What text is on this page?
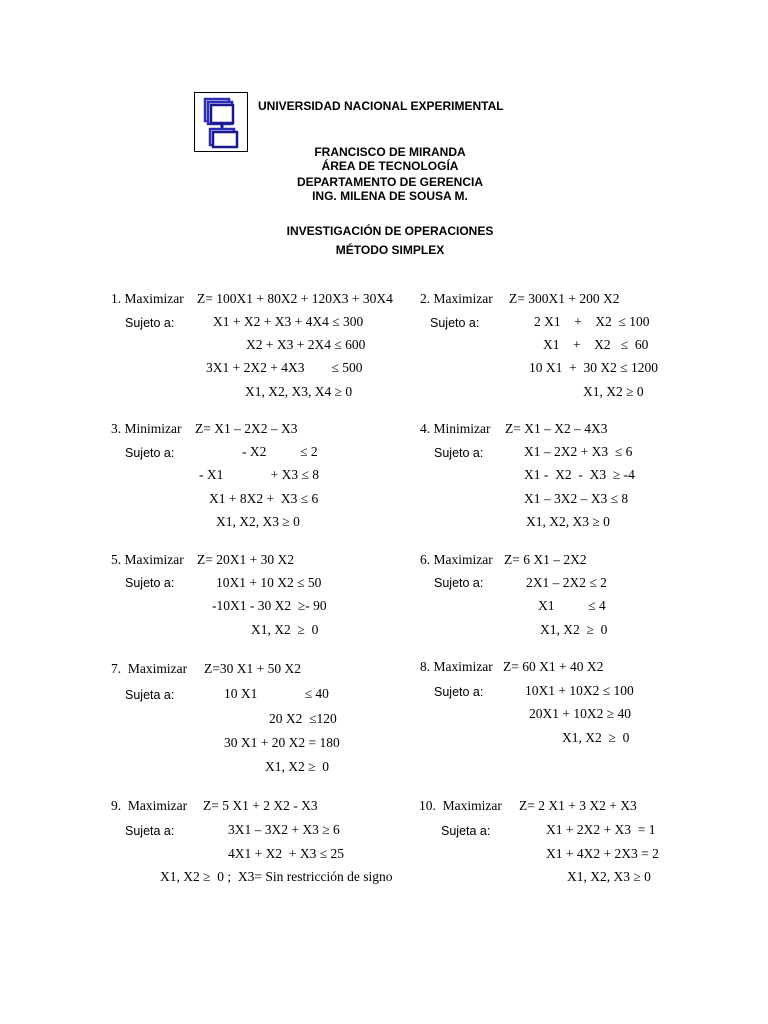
UNIVERSIDAD NACIONAL EXPERIMENTAL
FRANCISCO DE MIRANDA
ÁREA DE TECNOLOGÍA
DEPARTAMENTO DE GERENCIA
ING. MILENA DE SOUSA M.
INVESTIGACIÓN DE OPERACIONES
MÉTODO SIMPLEX
1. Maximizar Z= 100X1 + 80X2 + 120X3 + 30X4
Sujeto a:	X1 + X2 + X3 + 4X4 ≤ 300
X2 + X3 + 2X4 ≤ 600
3X1 + 2X2 + 4X3        ≤ 500
X1, X2, X3, X4 ≥ 0
2. Maximizar Z= 300X1 + 200 X2
Sujeto a:	2 X1    +    X2  ≤ 100
X1    +    X2   ≤  60
10 X1  +  30 X2 ≤ 1200
X1, X2 ≥ 0
3. Minimizar Z= X1 – 2X2 – X3
Sujeto a:	- X2          ≤ 2
- X1              + X3 ≤ 8
X1 + 8X2 +  X3 ≤ 6
X1, X2, X3 ≥ 0
4. Minimizar Z= X1 – X2 – 4X3
Sujeto a:	X1 – 2X2 + X3  ≤ 6
X1 -  X2  -  X3  ≥ -4
X1 – 3X2 – X3 ≤ 8
X1, X2, X3 ≥ 0
5. Maximizar Z= 20X1 + 30 X2
Sujeto a:	10X1 + 10 X2 ≤ 50
-10X1 - 30 X2  ≥- 90
X1, X2  ≥  0
6. Maximizar Z= 6 X1 – 2X2
Sujeto a:	2X1 – 2X2 ≤ 2
X1          ≤ 4
X1, X2  ≥  0
7.  Maximizar Z=30 X1 + 50 X2
Sujeta a:	10 X1              ≤ 40
20 X2  ≤120
30 X1 + 20 X2 = 180
X1, X2 ≥  0
8. Maximizar Z= 60 X1 + 40 X2
Sujeto a:	10X1 + 10X2 ≤ 100
20X1 + 10X2 ≥ 40
X1, X2  ≥  0
9.  Maximizar Z= 5 X1 + 2 X2 - X3
Sujeta a:	3X1 – 3X2 + X3 ≥ 6
4X1 + X2  + X3 ≤ 25
X1, X2 ≥  0 ;  X3= Sin restricción de signo
10.  Maximizar Z= 2 X1 + 3 X2 + X3
Sujeta a:	X1 + 2X2 + X3  = 1
X1 + 4X2 + 2X3 = 2
X1, X2, X3 ≥ 0
